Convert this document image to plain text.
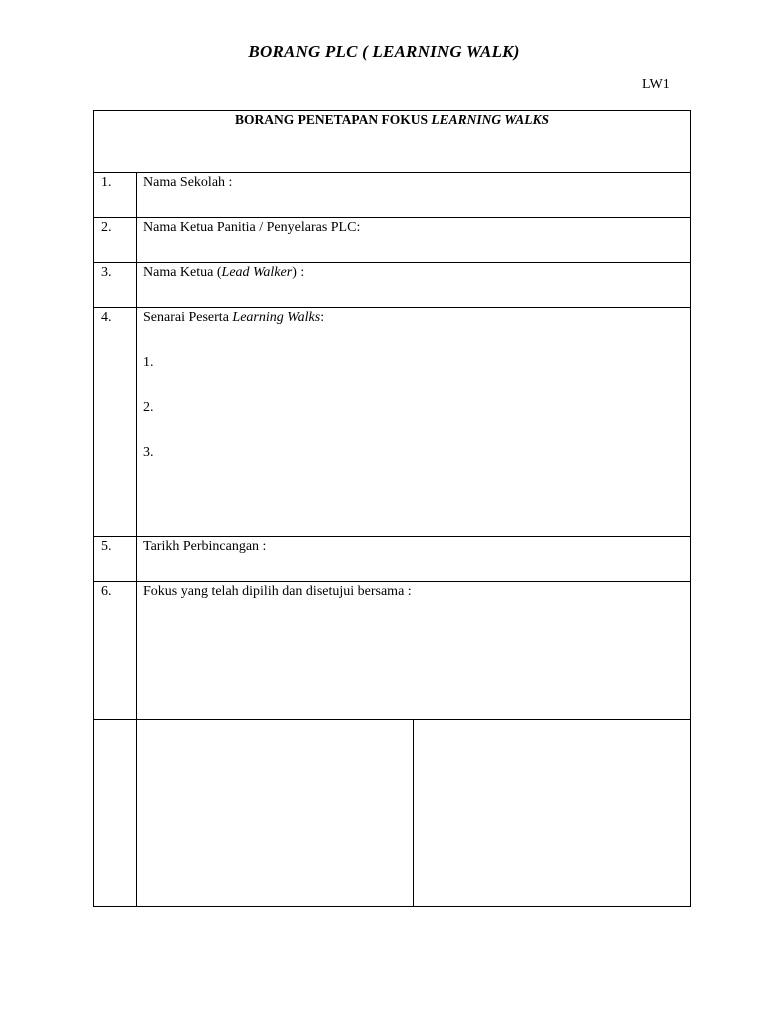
BORANG PLC ( LEARNING WALK)
LW1
BORANG PENETAPAN FOKUS LEARNING WALKS		
1.	Nama Sekolah :	
2.	Nama Ketua Panitia / Penyelaras PLC:	
3.	Nama Ketua (Lead Walker) :	
4.	Senarai Peserta Learning Walks:
1.
2.
3.	

5.	Tarikh Perbincangan :	
6.	Fokus yang telah dipilih dan disetujui bersama :	
